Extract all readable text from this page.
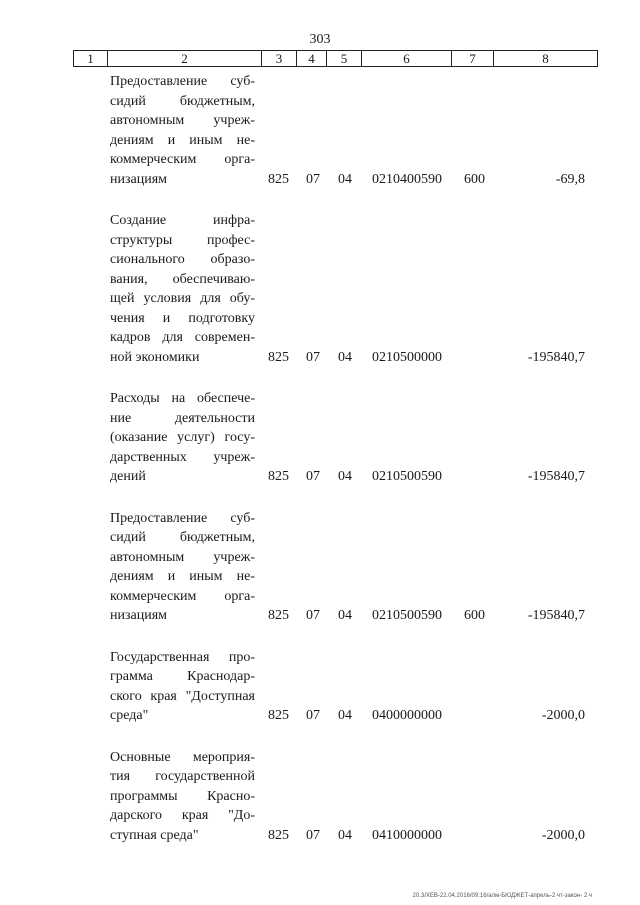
303
1	2	3	4	5	6	7	8
Предоставление суб-
сидий бюджетным,
автономным учреж-
дениям и иным не-
коммерческим орга-
низациям	825 07 04 0210400590 600	-69,8
Создание инфра-
структуры профес-
сионального образо-
вания, обеспечиваю-
щей условия для обу-
чения и подготовку
кадров для современ-
ной экономики	825 07 04 0210500000	-195840,7
Расходы на обеспече-
ние деятельности
(оказание услуг) госу-
дарственных учреж-
дений	825 07 04 0210500590	-195840,7
Предоставление суб-
сидий бюджетным,
автономным учреж-
дениям и иным не-
коммерческим орга-
низациям	825 07 04 0210500590 600	-195840,7
Государственная про-
грамма Краснодар-
ского края "Доступная
среда"	825 07 04 0400000000	-2000,0
Основные мероприя-
тия государственной
программы Красно-
дарского края "До-
ступная среда"	825 07 04 0410000000	-2000,0
20.3/ХЕВ-22.04.2016/09:16/алм-БЮДЖЕТ-апрель-2 чт-закон- 2 ч
